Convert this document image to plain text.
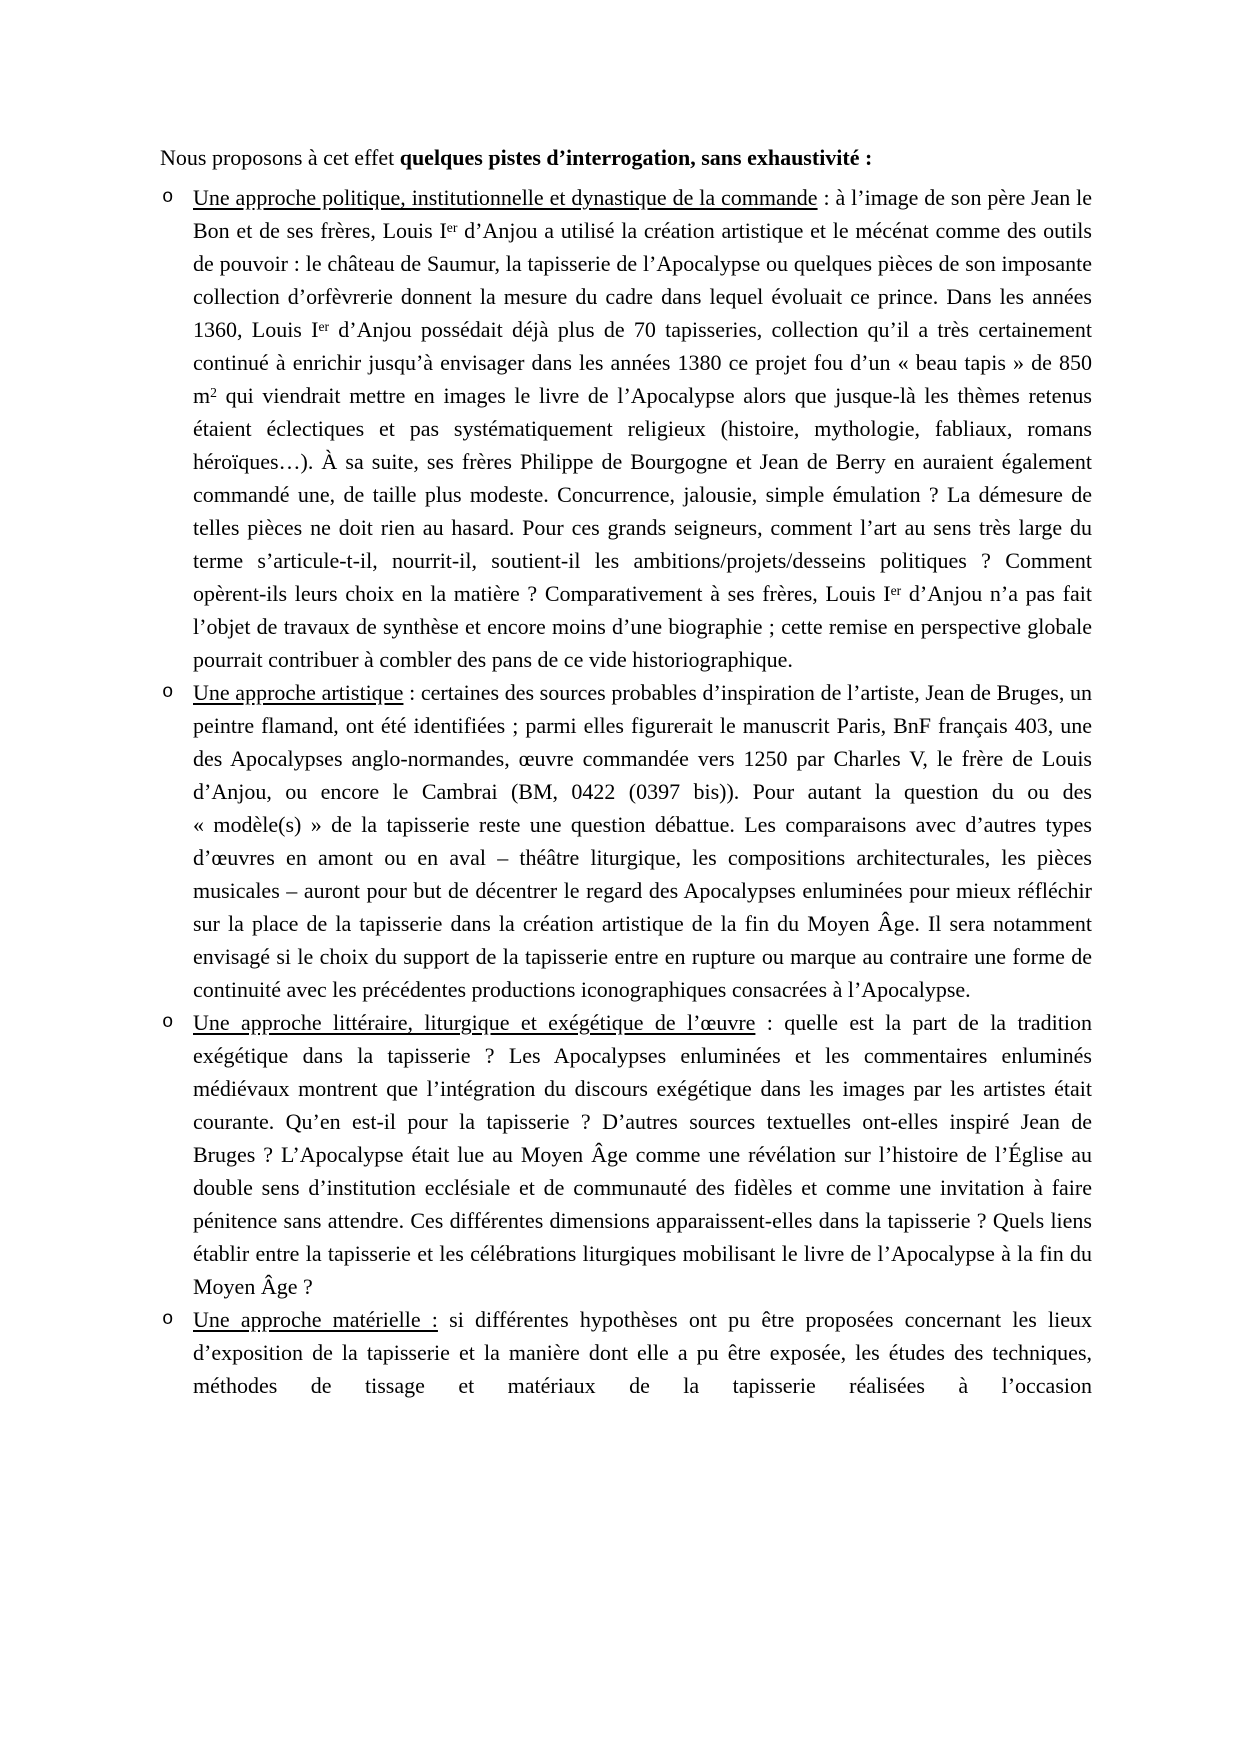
Nous proposons à cet effet quelques pistes d’interrogation, sans exhaustivité :

o Une approche politique, institutionnelle et dynastique de la commande : à l’image de son père Jean le Bon et de ses frères, Louis Ier d’Anjou a utilisé la création artistique et le mécénat comme des outils de pouvoir : le château de Saumur, la tapisserie de l’Apocalypse ou quelques pièces de son imposante collection d’orfèvrerie donnent la mesure du cadre dans lequel évoluait ce prince. Dans les années 1360, Louis Ier d’Anjou possédait déjà plus de 70 tapisseries, collection qu’il a très certainement continué à enrichir jusqu’à envisager dans les années 1380 ce projet fou d’un « beau tapis » de 850 $m^2$ qui viendrait mettre en images le livre de l’Apocalypse alors que jusque-là les thèmes retenus étaient éclectiques et pas systématiquement religieux (histoire, mythologie, fabliaux, romans héroïques…). À sa suite, ses frères Philippe de Bourgogne et Jean de Berry en auraient également commandé une, de taille plus modeste. Concurrence, jalousie, simple émulation ? La démesure de telles pièces ne doit rien au hasard. Pour ces grands seigneurs, comment l’art au sens très large du terme s’articule-t-il, nourrit-il, soutient-il les ambitions/projets/desseins politiques ? Comment opèrent-ils leurs choix en la matière ? Comparativement à ses frères, Louis Ier d’Anjou n’a pas fait l’objet de travaux de synthèse et encore moins d’une biographie ; cette remise en perspective globale pourrait contribuer à combler des pans de ce vide historiographique.
o Une approche artistique : certaines des sources probables d’inspiration de l’artiste, Jean de Bruges, un peintre flamand, ont été identifiées ; parmi elles figurerait le manuscrit Paris, BnF français 403, une des Apocalypses anglo-normandes, œuvre commandée vers 1250 par Charles V, le frère de Louis d’Anjou, ou encore le Cambrai (BM, 0422 (0397 bis)). Pour autant la question du ou des « modèle(s) » de la tapisserie reste une question débattue. Les comparaisons avec d’autres types d’œuvres en amont ou en aval – théâtre liturgique, les compositions architecturales, les pièces musicales – auront pour but de décentrer le regard des Apocalypses enluminées pour mieux réfléchir sur la place de la tapisserie dans la création artistique de la fin du Moyen Âge. Il sera notamment envisagé si le choix du support de la tapisserie entre en rupture ou marque au contraire une forme de continuité avec les précédentes productions iconographiques consacrées à l’Apocalypse.
o Une approche littéraire, liturgique et exégétique de l’œuvre : quelle est la part de la tradition exégétique dans la tapisserie ? Les Apocalypses enluminées et les commentaires enluminés médiévaux montrent que l’intégration du discours exégétique dans les images par les artistes était courante. Qu’en est-il pour la tapisserie ? D’autres sources textuelles ont-elles inspiré Jean de Bruges ? L’Apocalypse était lue au Moyen Âge comme une révélation sur l’histoire de l’Église au double sens d’institution ecclésiale et de communauté des fidèles et comme une invitation à faire pénitence sans attendre. Ces différentes dimensions apparaissent-elles dans la tapisserie ? Quels liens établir entre la tapisserie et les célébrations liturgiques mobilisant le livre de l’Apocalypse à la fin du Moyen Âge ?
o Une approche matérielle : si différentes hypothèses ont pu être proposées concernant les lieux d’exposition de la tapisserie et la manière dont elle a pu être exposée, les études des techniques, méthodes de tissage et matériaux de la tapisserie réalisées à l’occasion
